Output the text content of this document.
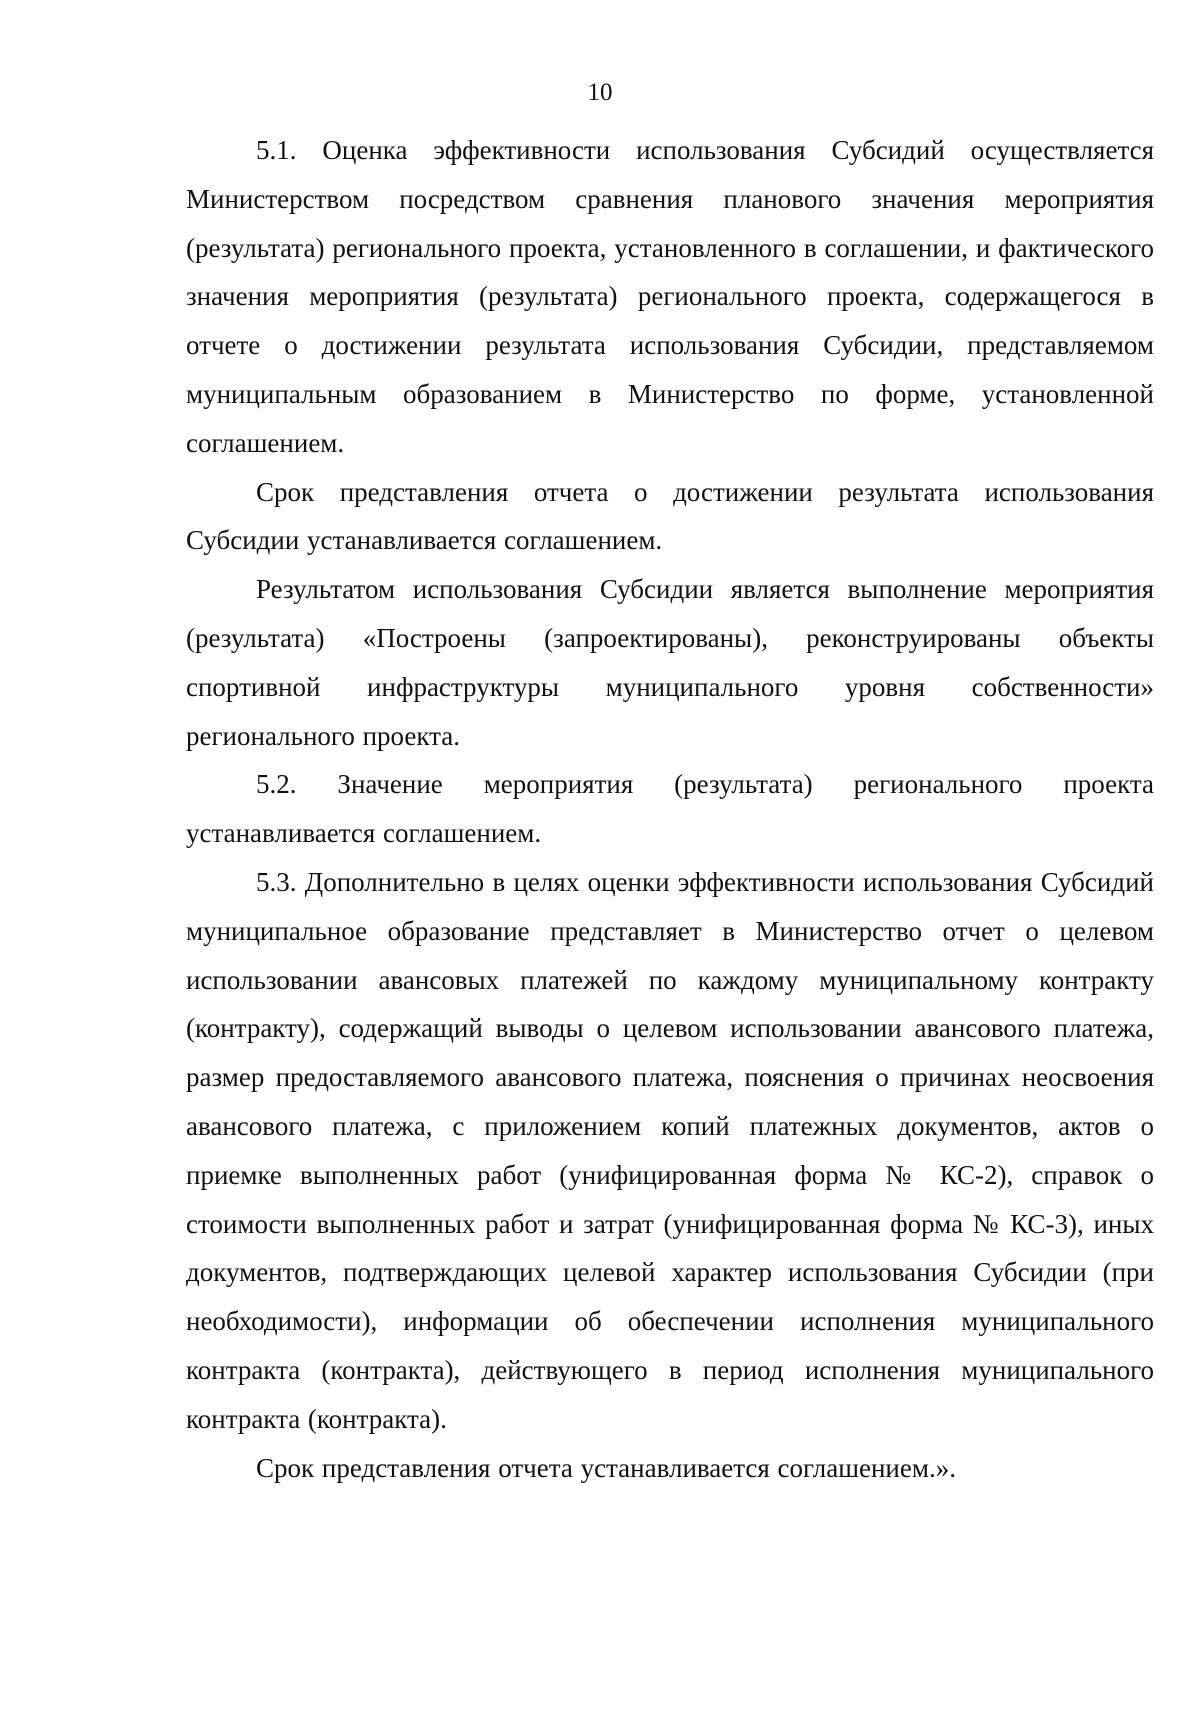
10

5.1. Оценка эффективности использования Субсидий осуществляется Министерством посредством сравнения планового значения мероприятия (результата) регионального проекта, установленного в соглашении, и фактического значения мероприятия (результата) регионального проекта, содержащегося в отчете о достижении результата использования Субсидии, представляемом муниципальным образованием в Министерство по форме, установленной соглашением.

Срок представления отчета о достижении результата использования Субсидии устанавливается соглашением.

Результатом использования Субсидии является выполнение мероприятия (результата) «Построены (запроектированы), реконструированы объекты спортивной инфраструктуры муниципального уровня собственности» регионального проекта.

5.2. Значение мероприятия (результата) регионального проекта устанавливается соглашением.

5.3. Дополнительно в целях оценки эффективности использования Субсидий муниципальное образование представляет в Министерство отчет о целевом использовании авансовых платежей по каждому муниципальному контракту (контракту), содержащий выводы о целевом использовании авансового платежа, размер предоставляемого авансового платежа, пояснения о причинах неосвоения авансового платежа, с приложением копий платежных документов, актов о приемке выполненных работ (унифицированная форма № КС-2), справок о стоимости выполненных работ и затрат (унифицированная форма № КС-3), иных документов, подтверждающих целевой характер использования Субсидии (при необходимости), информации об обеспечении исполнения муниципального контракта (контракта), действующего в период исполнения муниципального контракта (контракта).

Срок представления отчета устанавливается соглашением.».
